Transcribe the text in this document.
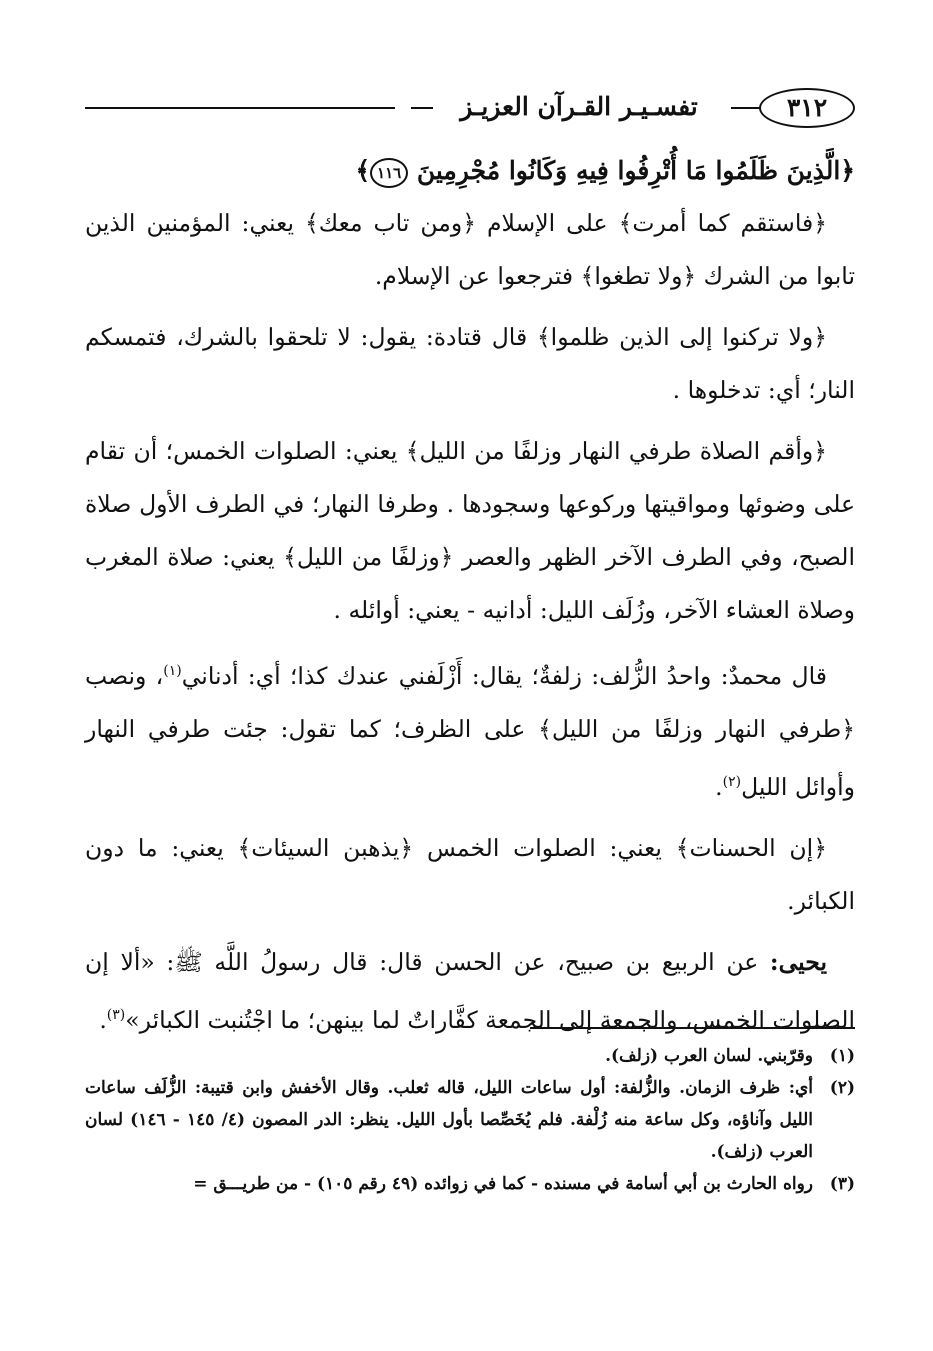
٣١٢
تفسـيـر القـرآن العزيـز

﴿الَّذِينَ ظَلَمُوا مَا أُتْرِفُوا فِيهِ وَكَانُوا مُجْرِمِينَ ١١٦﴾

﴿فاستقم كما أمرت﴾ على الإسلام ﴿ومن تاب معك﴾ يعني: المؤمنين الذين تابوا من الشرك ﴿ولا تطغوا﴾ فترجعوا عن الإسلام.

﴿ولا تركنوا إلى الذين ظلموا﴾ قال قتادة: يقول: لا تلحقوا بالشرك، فتمسكم النار؛ أي: تدخلوها .

﴿وأقم الصلاة طرفي النهار وزلفًا من الليل﴾ يعني: الصلوات الخمس؛ أن تقام على وضوئها ومواقيتها وركوعها وسجودها . وطرفا النهار؛ في الطرف الأول صلاة الصبح، وفي الطرف الآخر الظهر والعصر ﴿وزلفًا من الليل﴾ يعني: صلاة المغرب وصلاة العشاء الآخر، وزُلَف الليل: أدانيه - يعني: أوائله .

قال محمدٌ: واحدُ الزُّلف: زلفةٌ؛ يقال: أَزْلَفني عندك كذا؛ أي: أدناني$^{(١)}$، ونصب ﴿طرفي النهار وزلفًا من الليل﴾ على الظرف؛ كما تقول: جئت طرفي النهار وأوائل الليل$^{(٢)}$.

﴿إن الحسنات﴾ يعني: الصلوات الخمس ﴿يذهبن السيئات﴾ يعني: ما دون الكبائر.

يحيى: عن الربيع بن صبيح، عن الحسن قال: قال رسولُ اللَّه ﷺ: «ألا إن الصلوات الخمس، والجمعة إلى الجمعة كفَّاراتٌ لما بينهن؛ ما اجْتُنبت الكبائر»$^{(٣)}$.

(١)
وقرّبني. لسان العرب (زلف).
(٢)
أي: ظرف الزمان. والزُّلفة: أول ساعات الليل، قاله ثعلب. وقال الأخفش وابن قتيبة: الزُّلَف ساعات الليل وآناؤه، وكل ساعة منه زُلْفة. فلم يُخَصِّصا بأول الليل. ينظر: الدر المصون (٤/ ١٤٥ - ١٤٦) لسان العرب (زلف).
(٣)
رواه الحارث بن أبي أسامة في مسنده - كما في زوائده (٤٩ رقم ١٠٥) - من طريـــق =
